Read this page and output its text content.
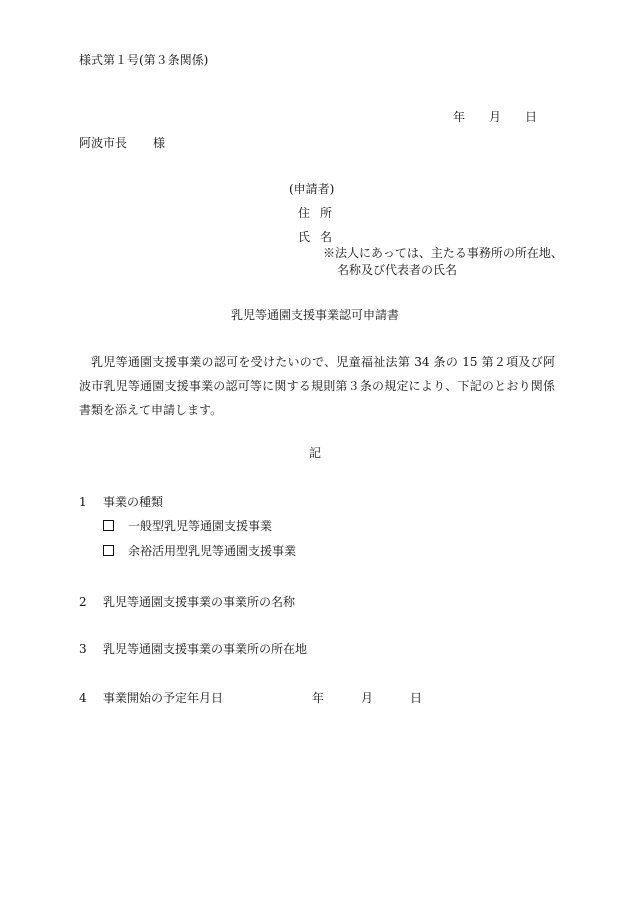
様式第１号(第３条関係)
年 月 日
阿波市長 様
(申請者)
住所
氏名
※法人にあっては、主たる事務所の所在地、
名称及び代表者の氏名
乳児等通園支援事業認可申請書
乳児等通園支援事業の認可を受けたいので、児童福祉法第 34 条の 15 第２項及び阿波市乳児等通園支援事業の認可等に関する規則第３条の規定により、下記のとおり関係書類を添えて申請します。
記
1 事業の種類
一般型乳児等通園支援事業
余裕活用型乳児等通園支援事業
2 乳児等通園支援事業の事業所の名称
3 乳児等通園支援事業の事業所の所在地
4 事業開始の予定年月日	年	月	日
